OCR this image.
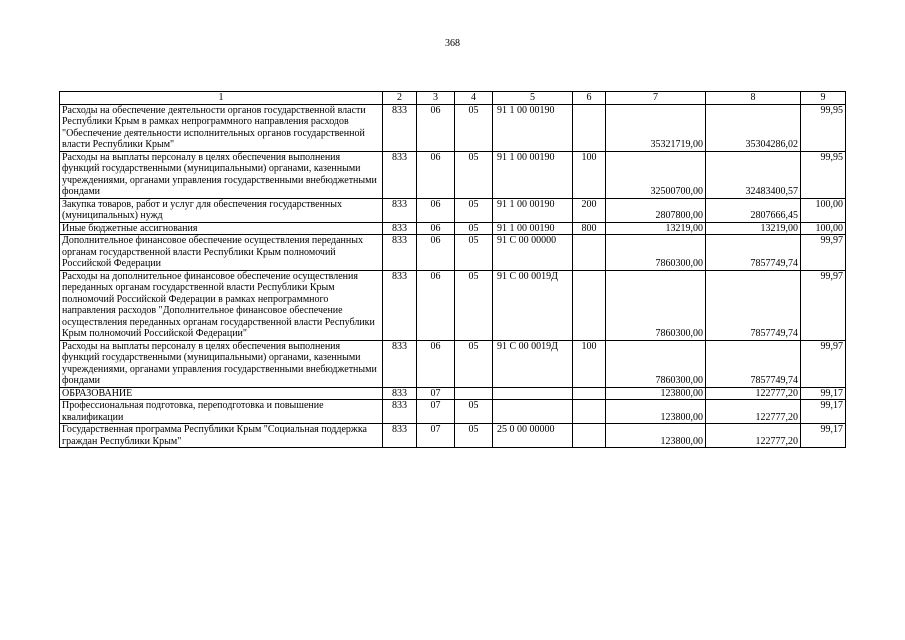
368
1	2	3	4	5	6	7	8	9
Расходы на обеспечение деятельности органов государственной власти Республики Крым в рамках непрограммного направления расходов "Обеспечение деятельности исполнительных органов государственной власти Республики Крым"	833	06	05	91 1 00 00190		35321719,00	35304286,02	99,95
Расходы на выплаты персоналу в целях обеспечения выполнения функций государственными (муниципальными) органами, казенными учреждениями, органами управления государственными внебюджетными фондами	833	06	05	91 1 00 00190	100	32500700,00	32483400,57	99,95
Закупка товаров, работ и услуг для обеспечения государственных (муниципальных) нужд	833	06	05	91 1 00 00190	200	2807800,00	2807666,45	100,00
Иные бюджетные ассигнования	833	06	05	91 1 00 00190	800	13219,00	13219,00	100,00
Дополнительное финансовое обеспечение осуществления переданных органам государственной власти Республики Крым полномочий Российской Федерации	833	06	05	91 С 00 00000		7860300,00	7857749,74	99,97
Расходы на дополнительное финансовое обеспечение осуществления переданных органам государственной власти Республики Крым полномочий Российской Федерации в рамках непрограммного направления расходов "Дополнительное финансовое обеспечение осуществления переданных органам государственной власти Республики Крым полномочий Российской Федерации"	833	06	05	91 С 00 0019Д		7860300,00	7857749,74	99,97
Расходы на выплаты персоналу в целях обеспечения выполнения функций государственными (муниципальными) органами, казенными учреждениями, органами управления государственными внебюджетными фондами	833	06	05	91 С 00 0019Д	100	7860300,00	7857749,74	99,97
ОБРАЗОВАНИЕ	833	07				123800,00	122777,20	99,17
Профессиональная подготовка, переподготовка и повышение квалификации	833	07	05			123800,00	122777,20	99,17
Государственная программа Республики Крым "Социальная поддержка граждан Республики Крым"	833	07	05	25 0 00 00000		123800,00	122777,20	99,17
